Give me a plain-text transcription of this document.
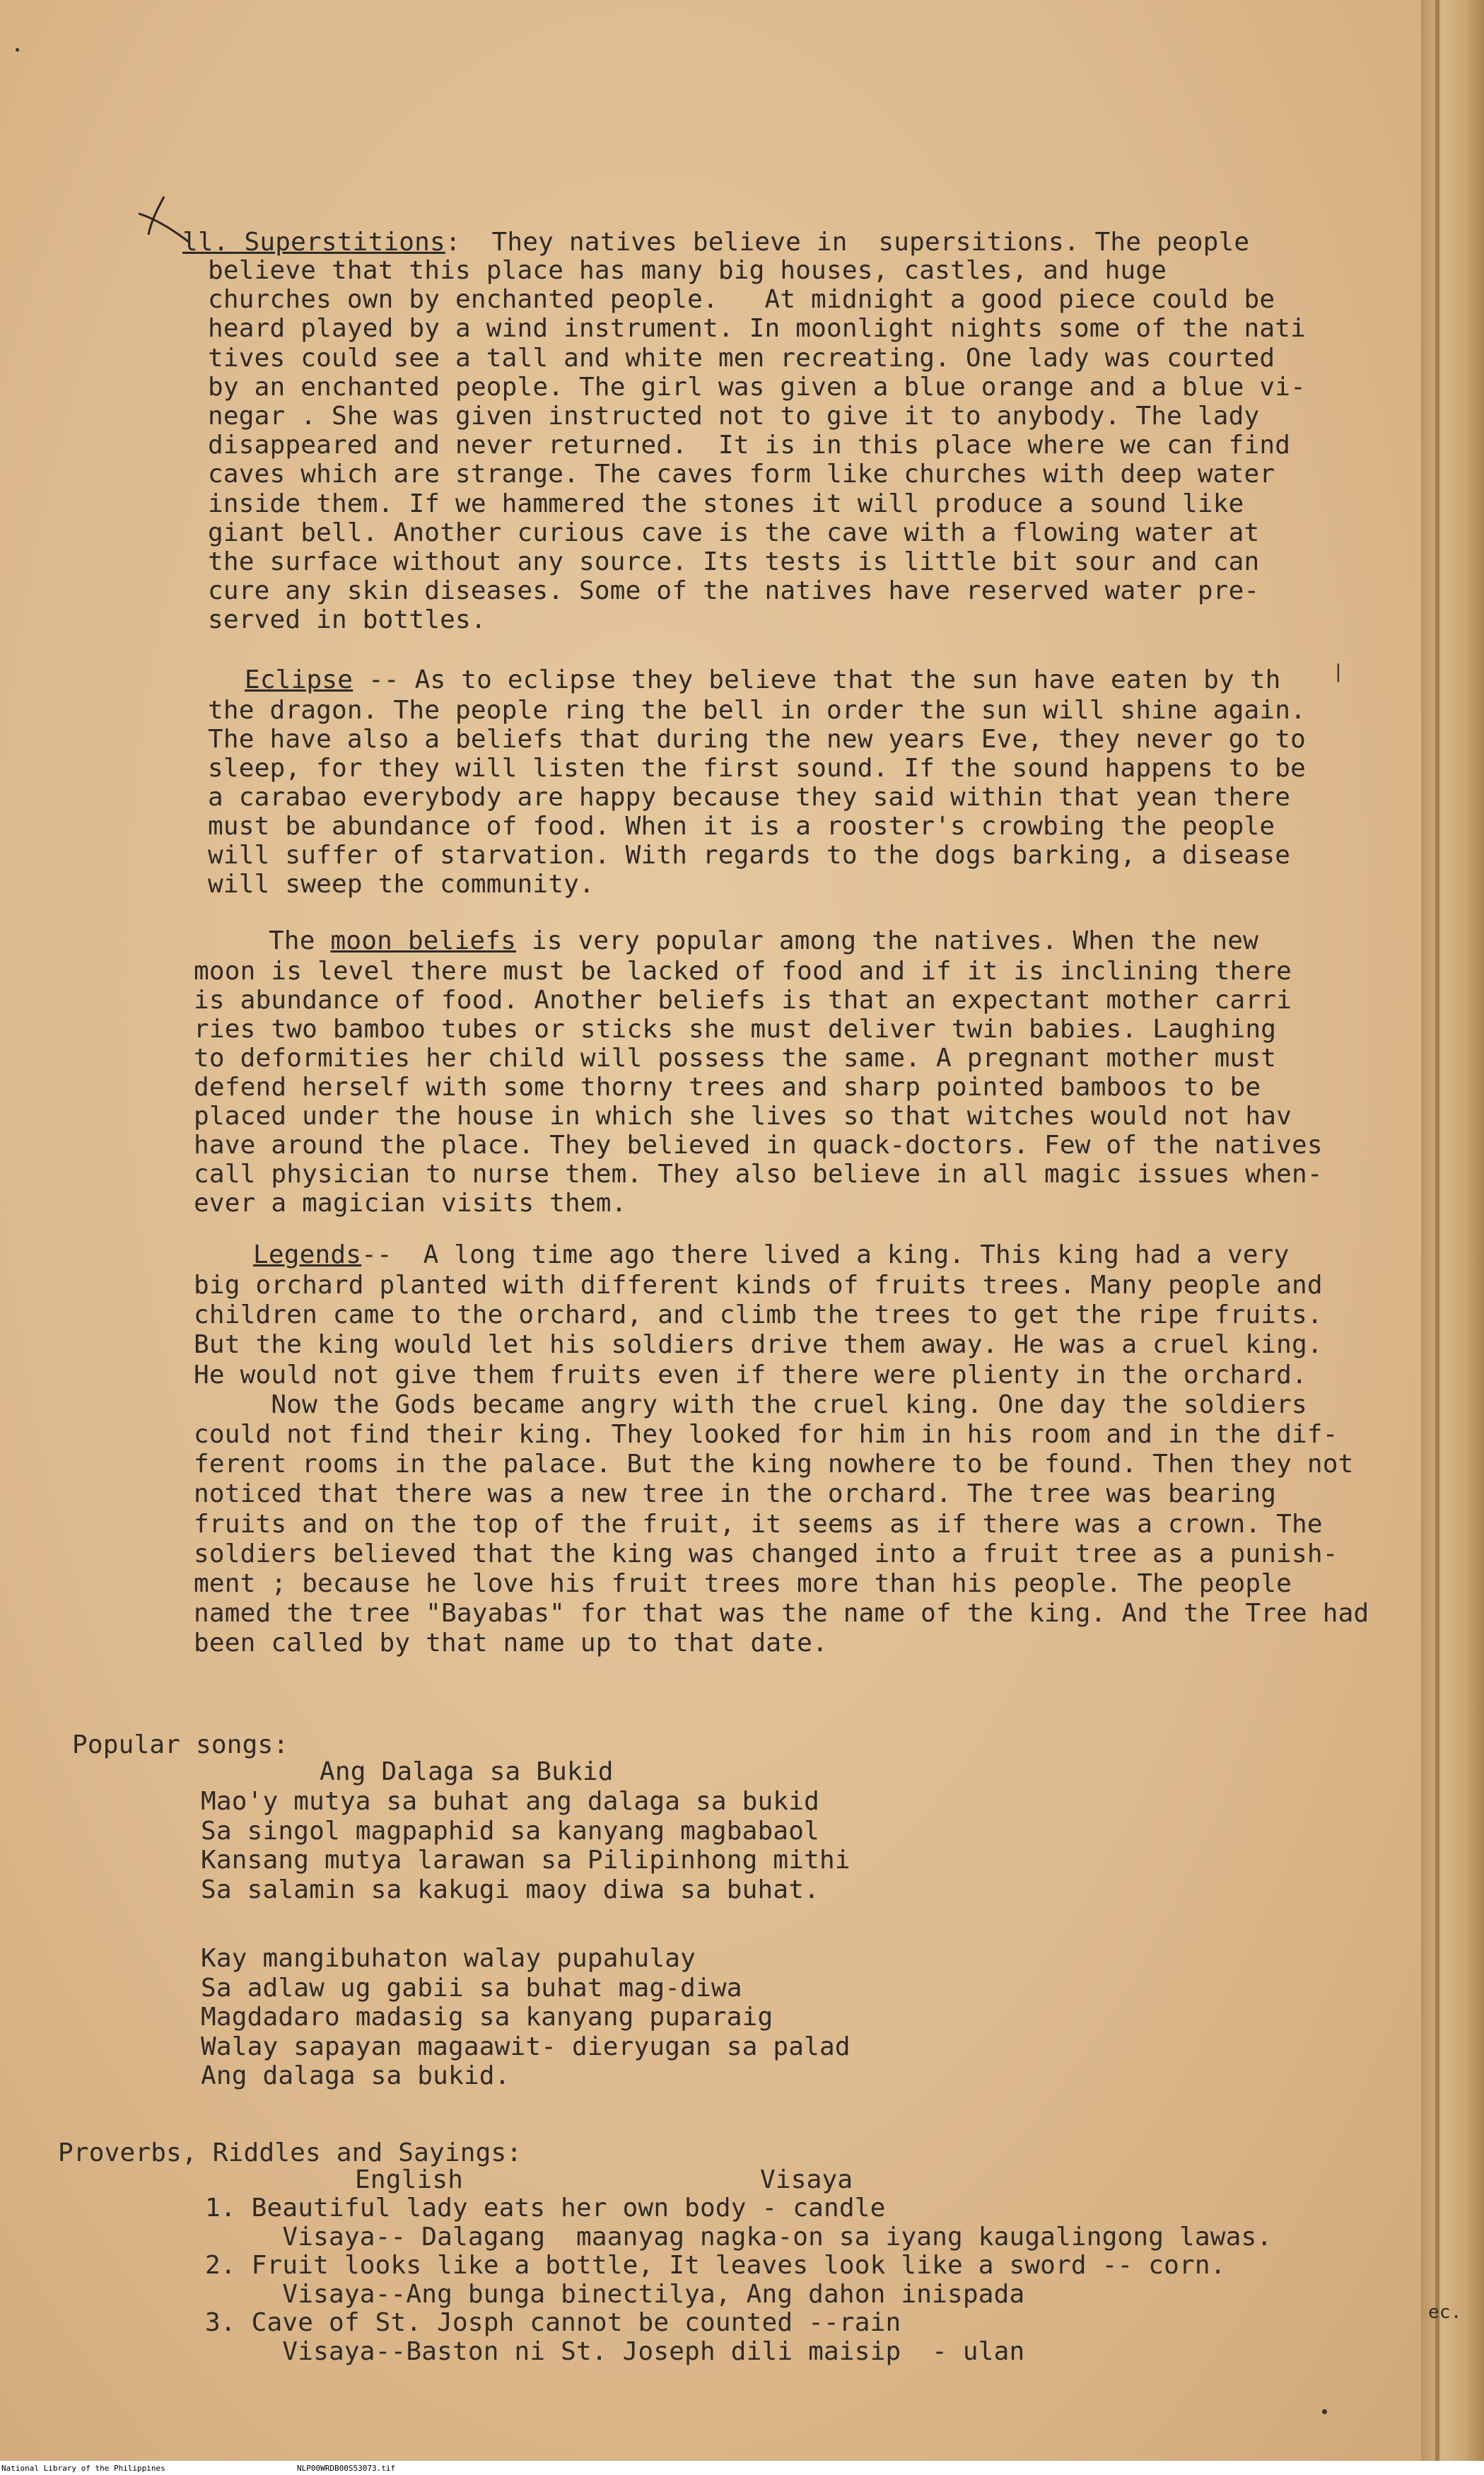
ll. Superstitions:  They natives believe in  supersitions. The people
believe that this place has many big houses, castles, and huge
churches own by enchanted people.   At midnight a good piece could be
heard played by a wind instrument. In moonlight nights some of the nati
tives could see a tall and white men recreating. One lady was courted
by an enchanted people. The girl was given a blue orange and a blue vi-
negar . She was given instructed not to give it to anybody. The lady
disappeared and never returned.  It is in this place where we can find
caves which are strange. The caves form like churches with deep water
inside them. If we hammered the stones it will produce a sound like
giant bell. Another curious cave is the cave with a flowing water at
the surface without any source. Its tests is little bit sour and can
cure any skin diseases. Some of the natives have reserved water pre-
served in bottles.
Eclipse -- As to eclipse they believe that the sun have eaten by th
the dragon. The people ring the bell in order the sun will shine again.
The have also a beliefs that during the new years Eve, they never go to
sleep, for they will listen the first sound. If the sound happens to be
a carabao everybody are happy because they said within that yean there
must be abundance of food. When it is a rooster's crowbing the people
will suffer of starvation. With regards to the dogs barking, a disease
will sweep the community.
The moon beliefs is very popular among the natives. When the new
moon is level there must be lacked of food and if it is inclining there
is abundance of food. Another beliefs is that an expectant mother carri
ries two bamboo tubes or sticks she must deliver twin babies. Laughing
to deformities her child will possess the same. A pregnant mother must
defend herself with some thorny trees and sharp pointed bamboos to be
placed under the house in which she lives so that witches would not hav
have around the place. They believed in quack-doctors. Few of the natives
call physician to nurse them. They also believe in all magic issues when-
ever a magician visits them.
Legends--  A long time ago there lived a king. This king had a very
big orchard planted with different kinds of fruits trees. Many people and
children came to the orchard, and climb the trees to get the ripe fruits.
But the king would let his soldiers drive them away. He was a cruel king.
He would not give them fruits even if there were plienty in the orchard.
Now the Gods became angry with the cruel king. One day the soldiers
could not find their king. They looked for him in his room and in the dif-
ferent rooms in the palace. But the king nowhere to be found. Then they not
noticed that there was a new tree in the orchard. The tree was bearing
fruits and on the top of the fruit, it seems as if there was a crown. The
soldiers believed that the king was changed into a fruit tree as a punish-
ment ; because he love his fruit trees more than his people. The people
named the tree "Bayabas" for that was the name of the king. And the Tree had
been called by that name up to that date.
Popular songs:
Ang Dalaga sa Bukid
Mao'y mutya sa buhat ang dalaga sa bukid
Sa singol magpaphid sa kanyang magbabaol
Kansang mutya larawan sa Pilipinhong mithi
Sa salamin sa kakugi maoy diwa sa buhat.
Kay mangibuhaton walay pupahulay
Sa adlaw ug gabii sa buhat mag-diwa
Magdadaro madasig sa kanyang puparaig
Walay sapayan magaawit- dieryugan sa palad
Ang dalaga sa bukid.
Proverbs, Riddles and Sayings:
English	Visaya
1. Beautiful lady eats her own body - candle
Visaya-- Dalagang  maanyag nagka-on sa iyang kaugalingong lawas.
2. Fruit looks like a bottle, It leaves look like a sword -- corn.
Visaya--Ang bunga binectilya, Ang dahon inispada
3. Cave of St. Josph cannot be counted --rain
Visaya--Baston ni St. Joseph dili maisip  - ulan
ec.
|
National Library of the Philippines	NLP00WRDB00S53073.tif
